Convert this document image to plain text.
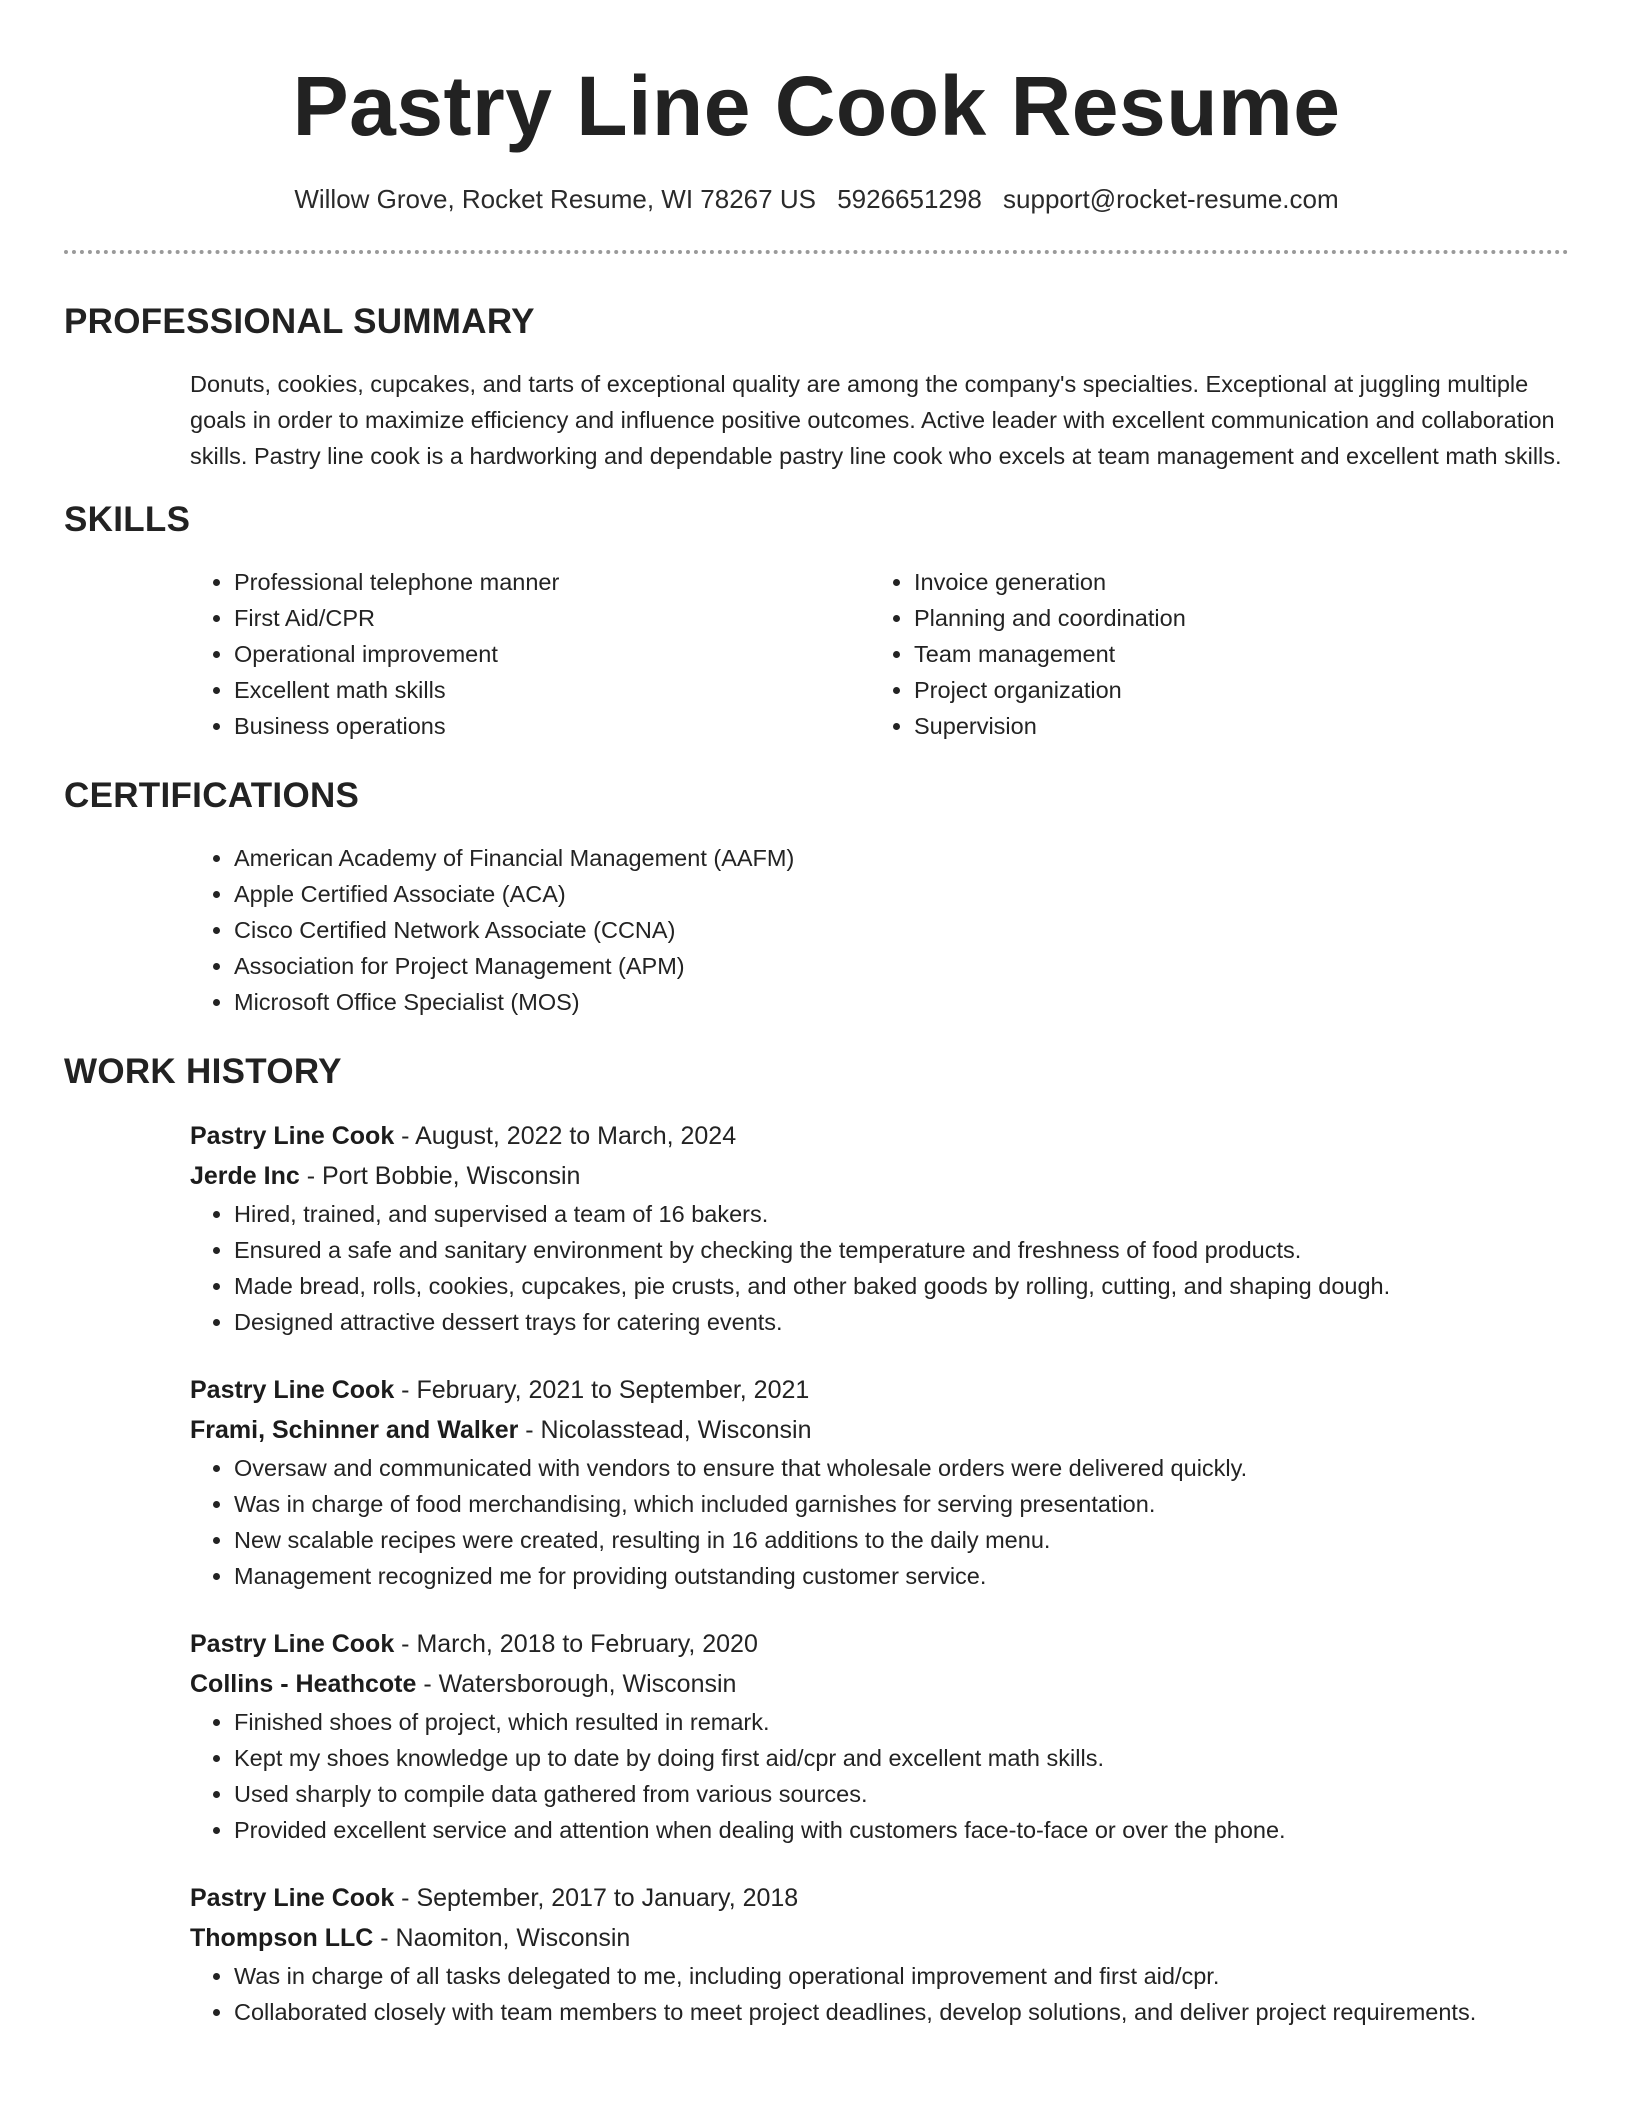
Pastry Line Cook Resume
Willow Grove, Rocket Resume, WI 78267 US 5926651298 support@rocket-resume.com
PROFESSIONAL SUMMARY

Donuts, cookies, cupcakes, and tarts of exceptional quality are among the company's specialties. Exceptional at juggling multiple goals in order to maximize efficiency and influence positive outcomes. Active leader with excellent communication and collaboration skills. Pastry line cook is a hardworking and dependable pastry line cook who excels at team management and excellent math skills.

SKILLS
• Professional telephone manner
• First Aid/CPR
• Operational improvement
• Excellent math skills
• Business operations
• Invoice generation
• Planning and coordination
• Team management
• Project organization
• Supervision
CERTIFICATIONS
• American Academy of Financial Management (AAFM)
• Apple Certified Associate (ACA)
• Cisco Certified Network Associate (CCNA)
• Association for Project Management (APM)
• Microsoft Office Specialist (MOS)
WORK HISTORY
Pastry Line Cook - August, 2022 to March, 2024
Jerde Inc - Port Bobbie, Wisconsin
• Hired, trained, and supervised a team of 16 bakers.
• Ensured a safe and sanitary environment by checking the temperature and freshness of food products.
• Made bread, rolls, cookies, cupcakes, pie crusts, and other baked goods by rolling, cutting, and shaping dough.
• Designed attractive dessert trays for catering events.
Pastry Line Cook - February, 2021 to September, 2021
Frami, Schinner and Walker - Nicolasstead, Wisconsin
• Oversaw and communicated with vendors to ensure that wholesale orders were delivered quickly.
• Was in charge of food merchandising, which included garnishes for serving presentation.
• New scalable recipes were created, resulting in 16 additions to the daily menu.
• Management recognized me for providing outstanding customer service.
Pastry Line Cook - March, 2018 to February, 2020
Collins - Heathcote - Watersborough, Wisconsin
• Finished shoes of project, which resulted in remark.
• Kept my shoes knowledge up to date by doing first aid/cpr and excellent math skills.
• Used sharply to compile data gathered from various sources.
• Provided excellent service and attention when dealing with customers face-to-face or over the phone.
Pastry Line Cook - September, 2017 to January, 2018
Thompson LLC - Naomiton, Wisconsin
• Was in charge of all tasks delegated to me, including operational improvement and first aid/cpr.
• Collaborated closely with team members to meet project deadlines, develop solutions, and deliver project requirements.
